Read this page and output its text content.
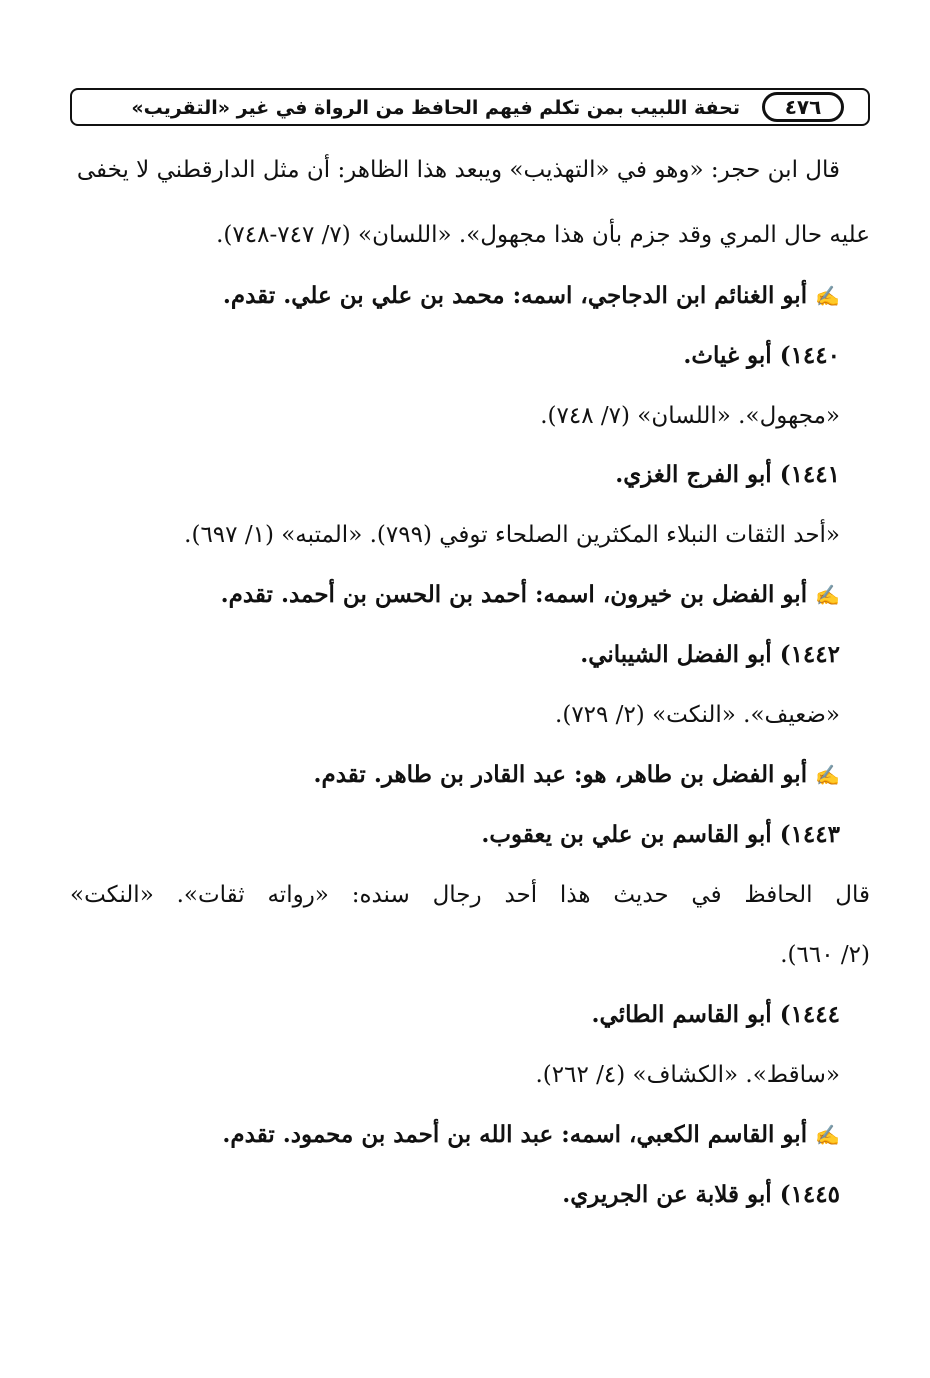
٤٧٦
تحفة اللبيب بمن تكلم فيهم الحافظ من الرواة في غير «التقريب»
قال ابن حجر: «وهو في «التهذيب» ويبعد هذا الظاهر: أن مثل الدارقطني لا يخفى
عليه حال المري وقد جزم بأن هذا مجهول». «اللسان» (٧/ ٧٤٧-٧٤٨).
✍أبو الغنائم ابن الدجاجي، اسمه: محمد بن علي بن علي. تقدم.
١٤٤٠)أبو غياث.
«مجهول». «اللسان» (٧/ ٧٤٨).
١٤٤١)أبو الفرج الغزي.
«أحد الثقات النبلاء المكثرين الصلحاء توفي (٧٩٩). «المتبه» (١/ ٦٩٧).
✍أبو الفضل بن خيرون، اسمه: أحمد بن الحسن بن أحمد. تقدم.
١٤٤٢)أبو الفضل الشيباني.
«ضعيف». «النكت» (٢/ ٧٢٩).
✍أبو الفضل بن طاهر، هو: عبد القادر بن طاهر. تقدم.
١٤٤٣)أبو القاسم بن علي بن يعقوب.
قال الحافظ في حديث هذا أحد رجال سنده: «رواته ثقات». «النكت»
(٢/ ٦٦٠).
١٤٤٤)أبو القاسم الطائي.
«ساقط». «الكشاف» (٤/ ٢٦٢).
✍أبو القاسم الكعبي، اسمه: عبد الله بن أحمد بن محمود. تقدم.
١٤٤٥)أبو قلابة عن الجريري.
